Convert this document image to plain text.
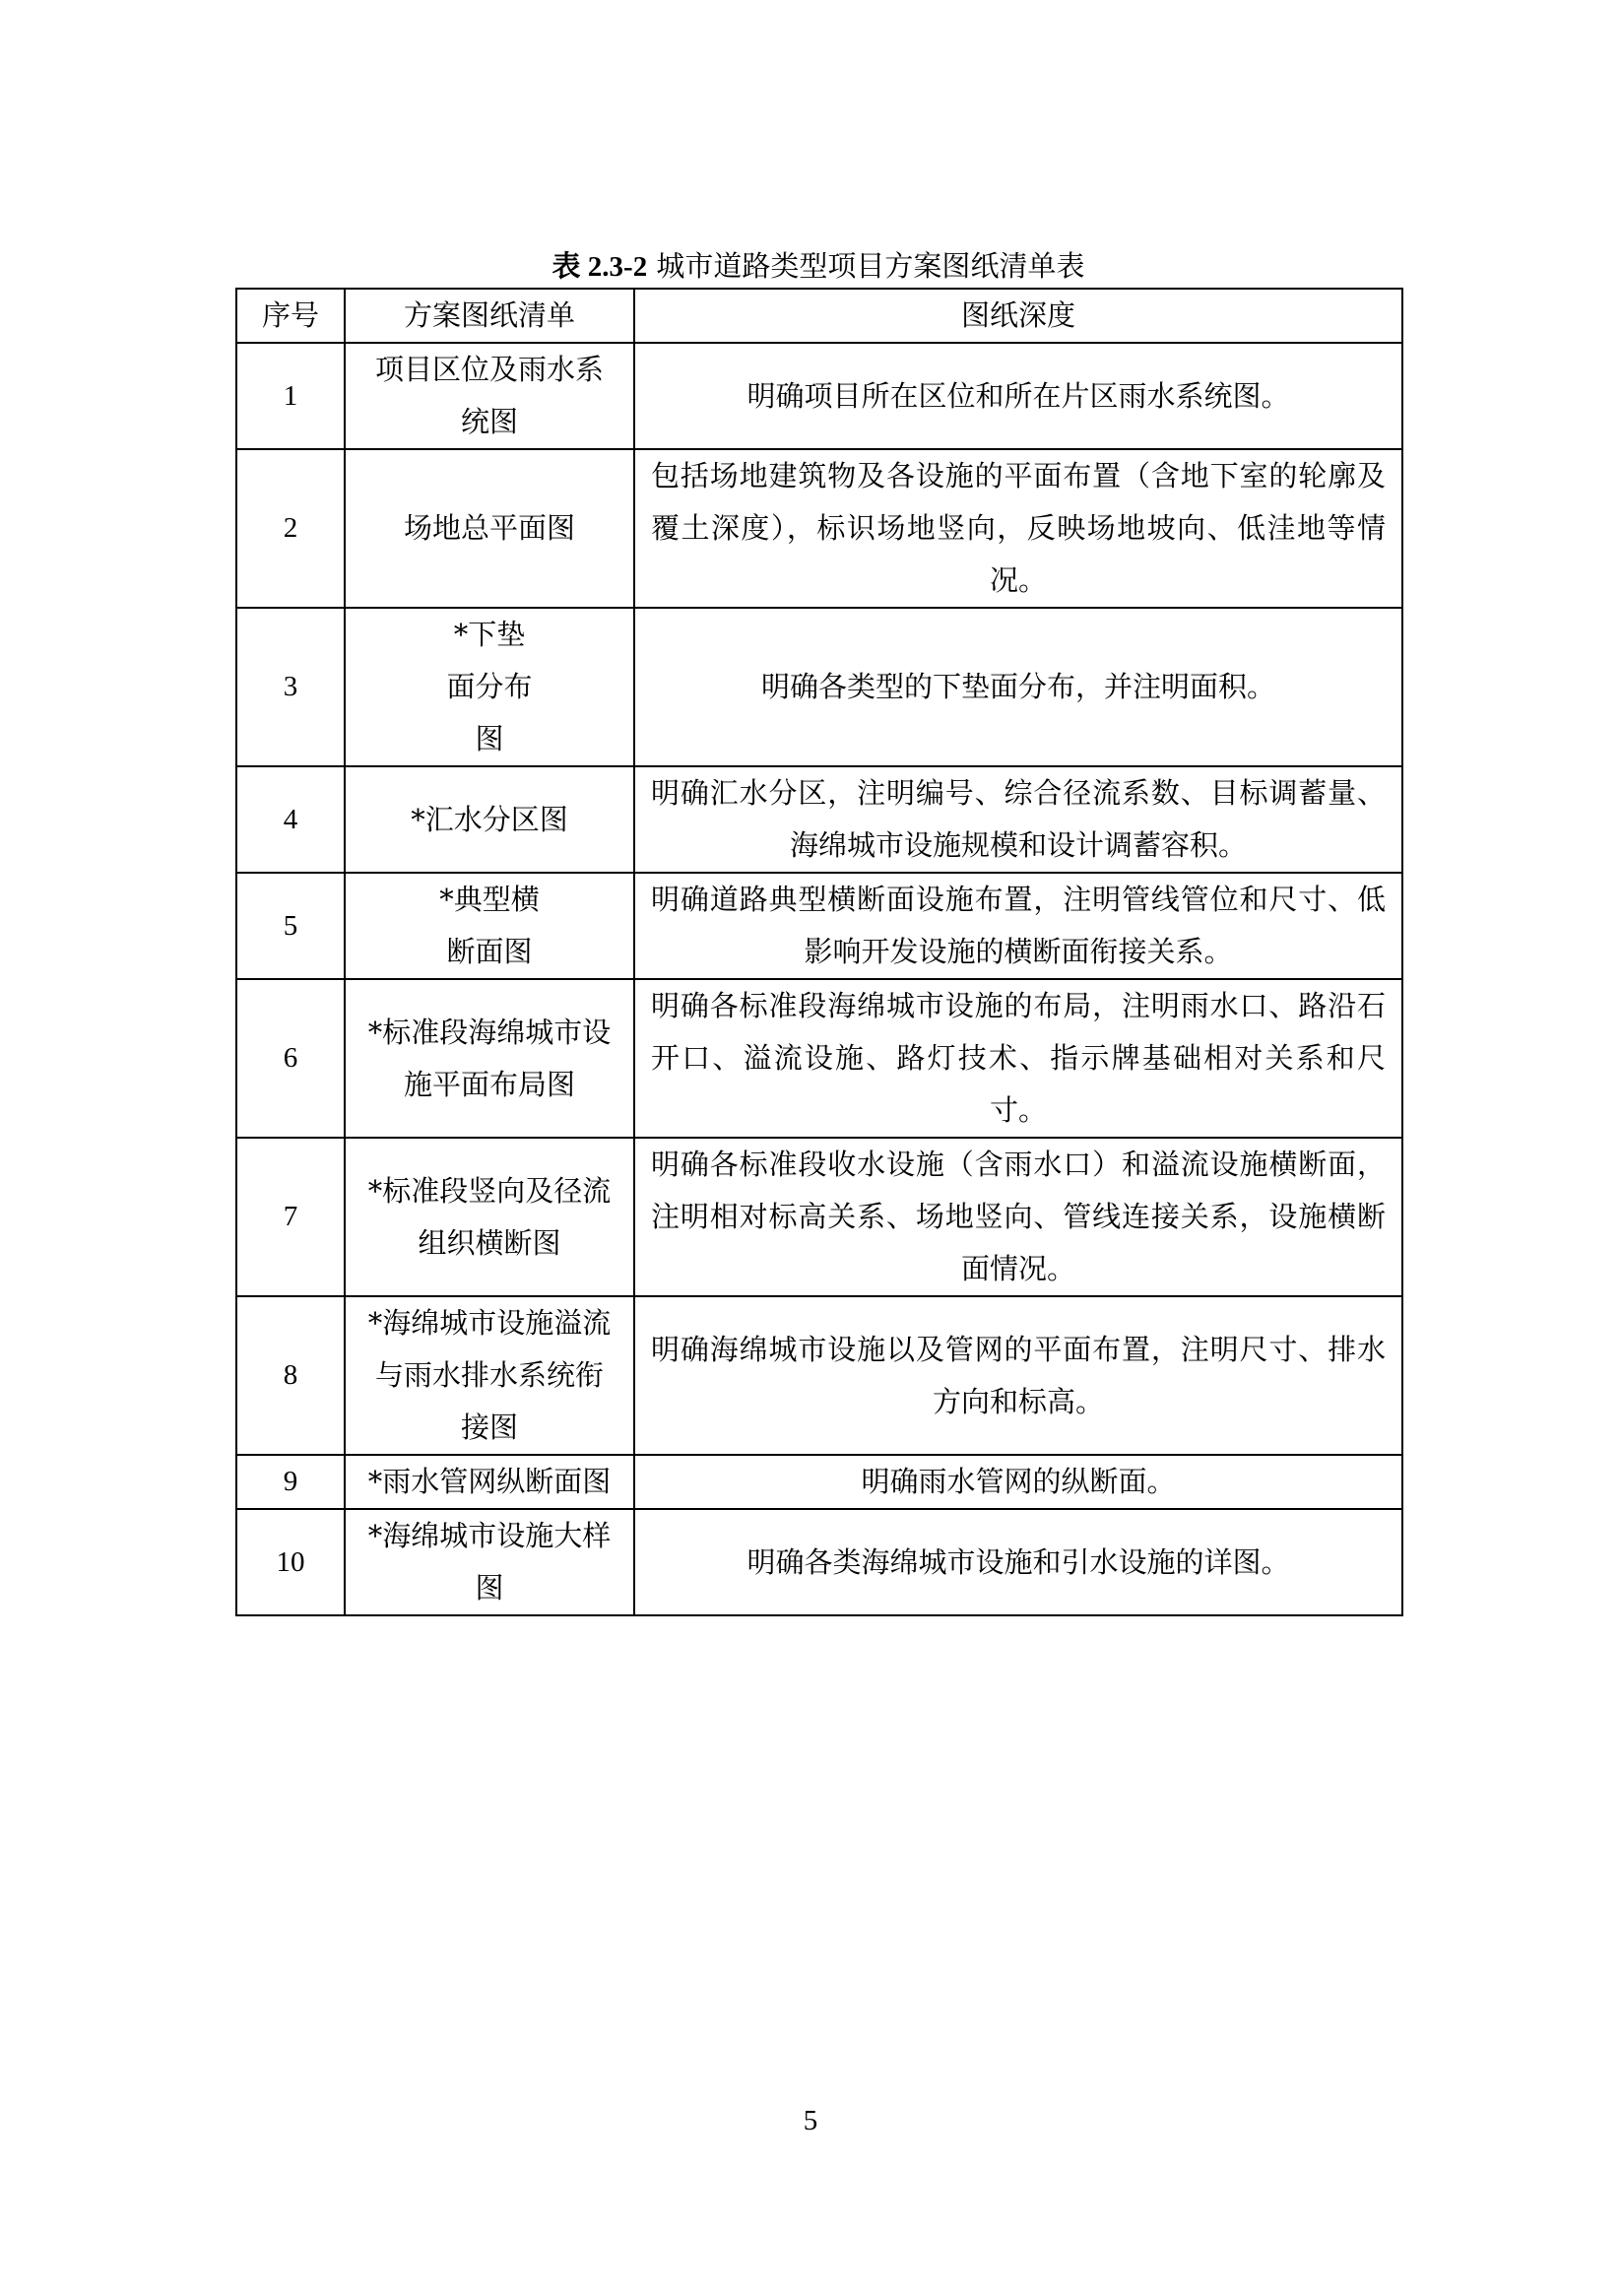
表 2.3-2 城市道路类型项目方案图纸清单表
序号	方案图纸清单	图纸深度
1	项目区位及雨水系统图	明确项目所在区位和所在片区雨水系统图。
2	场地总平面图	包括场地建筑物及各设施的平面布置（含地下室的轮廓及覆土深度），标识场地竖向，反映场地坡向、低洼地等情况。
3	*下垫面分布图	明确各类型的下垫面分布，并注明面积。
4	*汇水分区图	明确汇水分区，注明编号、综合径流系数、目标调蓄量、海绵城市设施规模和设计调蓄容积。
5	*典型横断面图	明确道路典型横断面设施布置，注明管线管位和尺寸、低影响开发设施的横断面衔接关系。
6	*标准段海绵城市设施平面布局图	明确各标准段海绵城市设施的布局，注明雨水口、路沿石开口、溢流设施、路灯技术、指示牌基础相对关系和尺寸。
7	*标准段竖向及径流组织横断图	明确各标准段收水设施（含雨水口）和溢流设施横断面，注明相对标高关系、场地竖向、管线连接关系，设施横断面情况。
8	*海绵城市设施溢流与雨水排水系统衔接图	明确海绵城市设施以及管网的平面布置，注明尺寸、排水方向和标高。
9	*雨水管网纵断面图	明确雨水管网的纵断面。
10	*海绵城市设施大样图	明确各类海绵城市设施和引水设施的详图。
5
